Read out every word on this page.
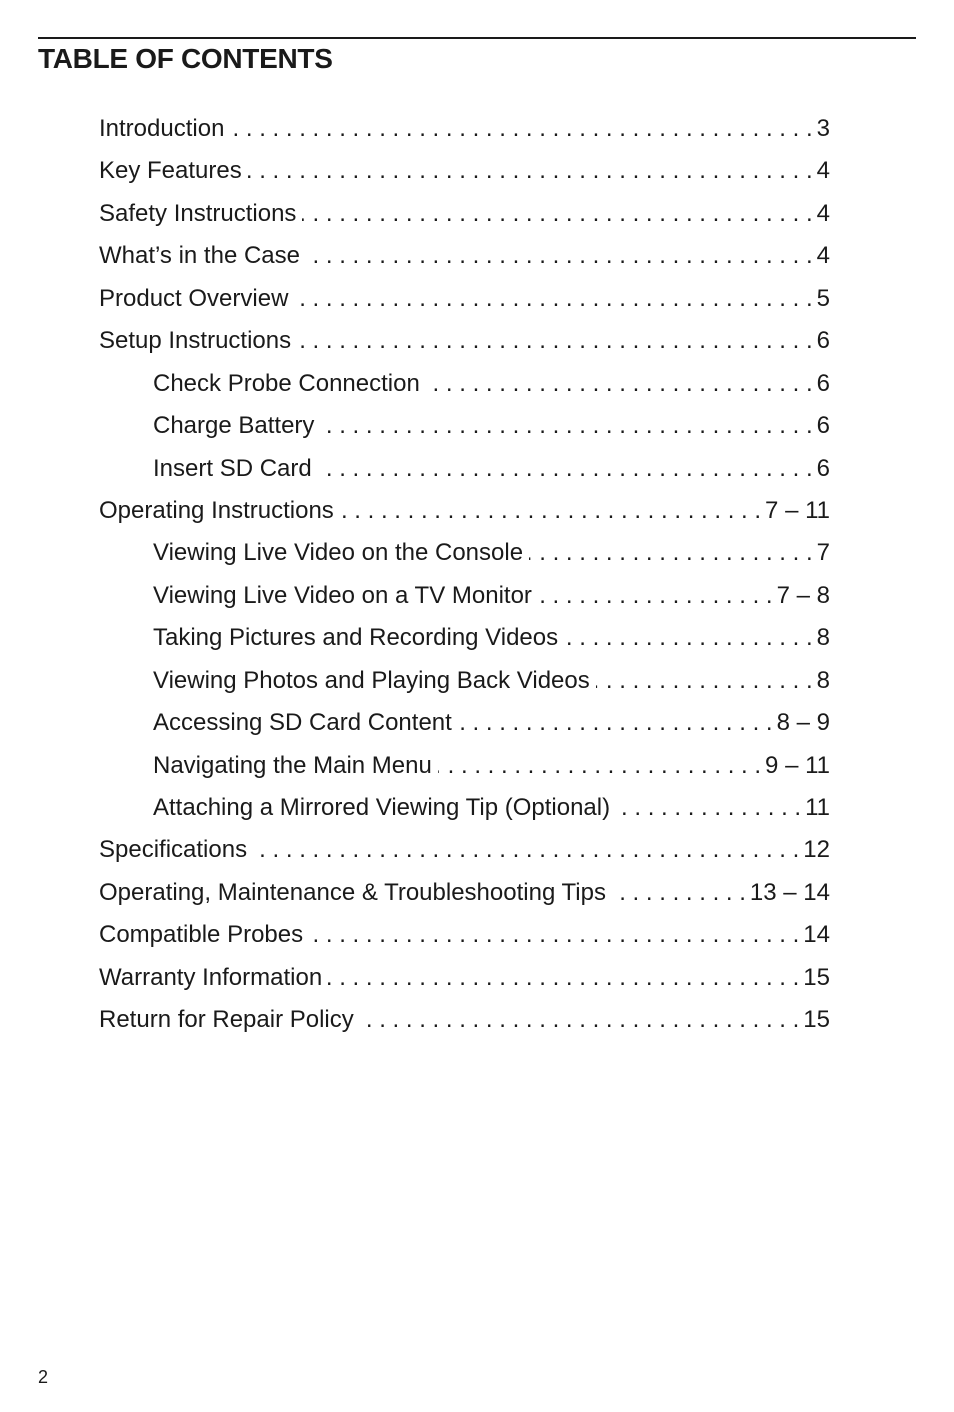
TABLE OF CONTENTS
Introduction . . .	3
Key Features . . .	4
Safety Instructions . . .	4
What’s in the Case . . .	4
Product Overview . . .	5
Setup Instructions . . .	6
Check Probe Connection . . .	6
Charge Battery . . .	6
Insert SD Card . . .	6
Operating Instructions . . .	7 – 11
Viewing Live Video on the Console . . .	7
Viewing Live Video on a TV Monitor . . .	7 – 8
Taking Pictures and Recording Videos . . .	8
Viewing Photos and Playing Back Videos . . .	8
Accessing SD Card Content . . .	8 – 9
Navigating the Main Menu . . .	9 – 11
Attaching a Mirrored Viewing Tip (Optional) . . .	11
Specifications . . .	12
Operating, Maintenance & Troubleshooting Tips . . .	13 – 14
Compatible Probes . . .	14
Warranty Information . . .	15
Return for Repair Policy . . .	15
2
